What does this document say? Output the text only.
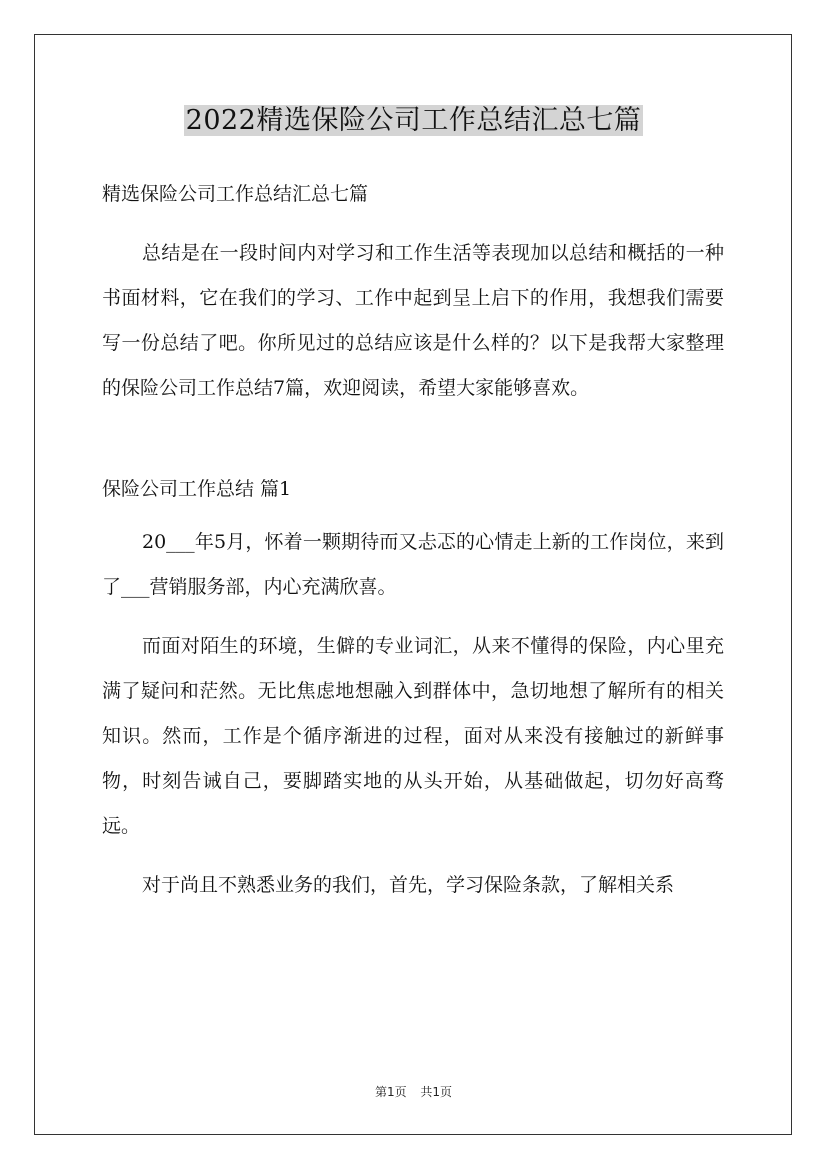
2022精选保险公司工作总结汇总七篇

精选保险公司工作总结汇总七篇

总结是在一段时间内对学习和工作生活等表现加以总结和概括的一种书面材料，它在我们的学习、工作中起到呈上启下的作用，我想我们需要写一份总结了吧。你所见过的总结应该是什么样的？以下是我帮大家整理的保险公司工作总结7篇，欢迎阅读，希望大家能够喜欢。

保险公司工作总结 篇1

20___年5月，怀着一颗期待而又忐忑的心情走上新的工作岗位，来到了___营销服务部，内心充满欣喜。

而面对陌生的环境，生僻的专业词汇，从来不懂得的保险，内心里充满了疑问和茫然。无比焦虑地想融入到群体中，急切地想了解所有的相关知识。然而，工作是个循序渐进的过程，面对从来没有接触过的新鲜事物，时刻告诫自己，要脚踏实地的从头开始，从基础做起，切勿好高骛远。

对于尚且不熟悉业务的我们，首先，学习保险条款，了解相关系

第1页 共1页
